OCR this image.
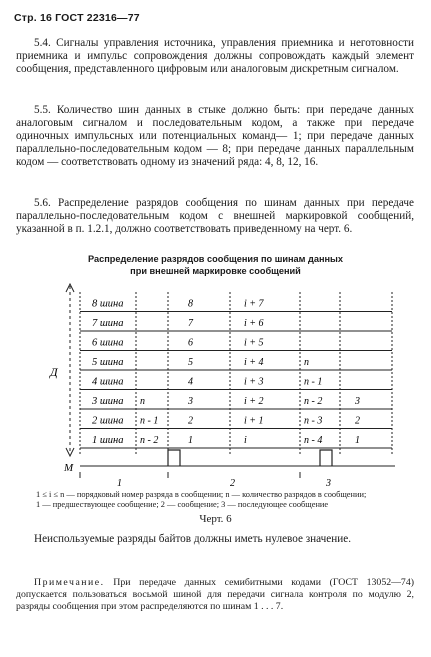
Стр. 16 ГОСТ 22316—77

5.4. Сигналы управления источника, управления приемника и неготовности приемника и импульс сопровождения должны сопровождать каждый элемент сообщения, представленного цифровым или аналоговым дискретным сигналом.

5.5. Количество шин данных в стыке должно быть: при передаче данных аналоговым сигналом и последовательным кодом, а также при передаче одиночных импульсных или потенциальных команд— 1; при передаче данных параллельно-последовательным кодом — 8; при передаче данных параллельным кодом — соответствовать одному из значений ряда: 4, 8, 12, 16.

5.6. Распределение разрядов сообщения по шинам данных при передаче параллельно-последовательным кодом с внешней маркировкой сообщений, указанной в п. 1.2.1, должно соответствовать приведенному на черт. 6.

Распределение разрядов сообщения по шинам данных
при внешней маркировке сообщений
Д
8 шина	8	i + 7
7 шина	7	i + 6
6 шина	6	i + 5
5 шина	5	i + 4	n
4 шина	4	i + 3	n - 1
3 шина n	3	i + 2	n - 2	3
2 шина n - 1	2	i + 1	n - 3	2
1 шина n - 2	1	i	n - 4	1
М
1	2	3
1 ≤ i ≤ n — порядковый номер разряда в сообщении; n — количество разрядов в сообщении;
1 — предшествующее сообщение; 2 — сообщение; 3 — последующее сообщение
Черт. 6

Неиспользуемые разряды байтов должны иметь нулевое значение.

Примечание. При передаче данных семибитными кодами (ГОСТ 13052—74) допускается пользоваться восьмой шиной для передачи сигнала контроля по модулю 2, разряды сообщения при этом распределяются по шинам 1 . . . 7.
